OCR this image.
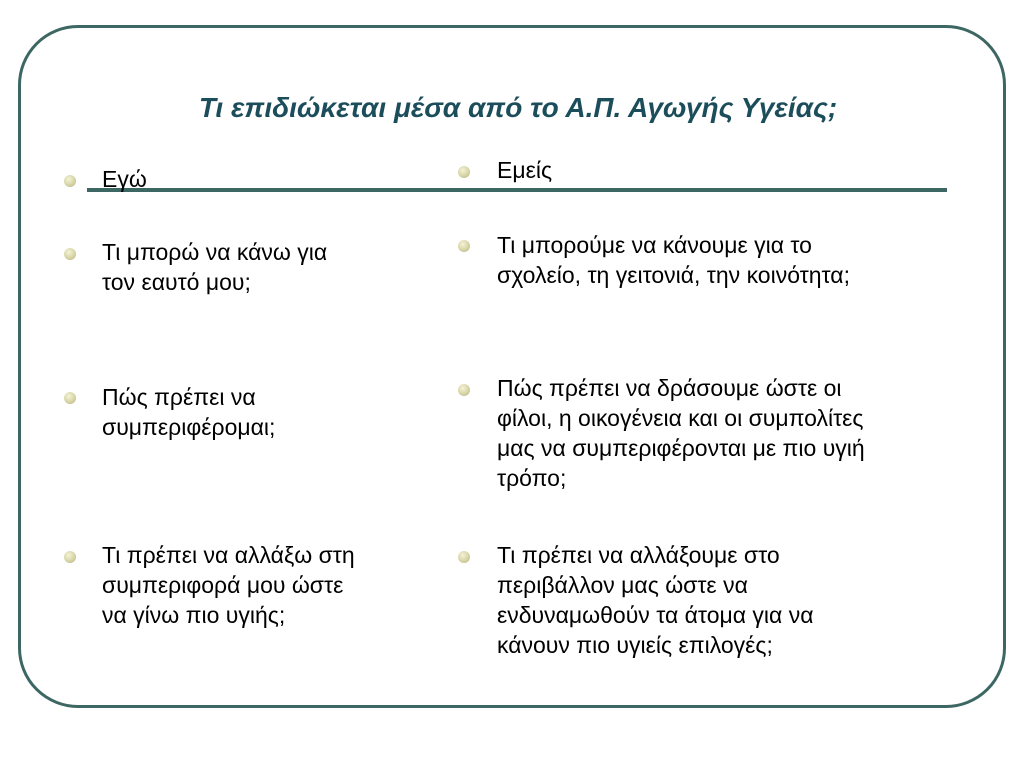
Τι επιδιώκεται μέσα από το Α.Π. Αγωγής Υγείας;
Εγώ
Τι μπορώ να κάνω για
τον εαυτό μου;
Πώς πρέπει να
συμπεριφέρομαι;
Τι πρέπει να αλλάξω στη
συμπεριφορά μου ώστε
να γίνω πιο υγιής;
Εμείς
Τι μπορούμε να κάνουμε για το
σχολείο, τη γειτονιά, την κοινότητα;
Πώς πρέπει να δράσουμε ώστε οι
φίλοι, η οικογένεια και οι συμπολίτες
μας να συμπεριφέρονται με πιο υγιή
τρόπο;
Τι πρέπει να αλλάξουμε στο
περιβάλλον μας ώστε να
ενδυναμωθούν τα άτομα για να
κάνουν πιο υγιείς επιλογές;
